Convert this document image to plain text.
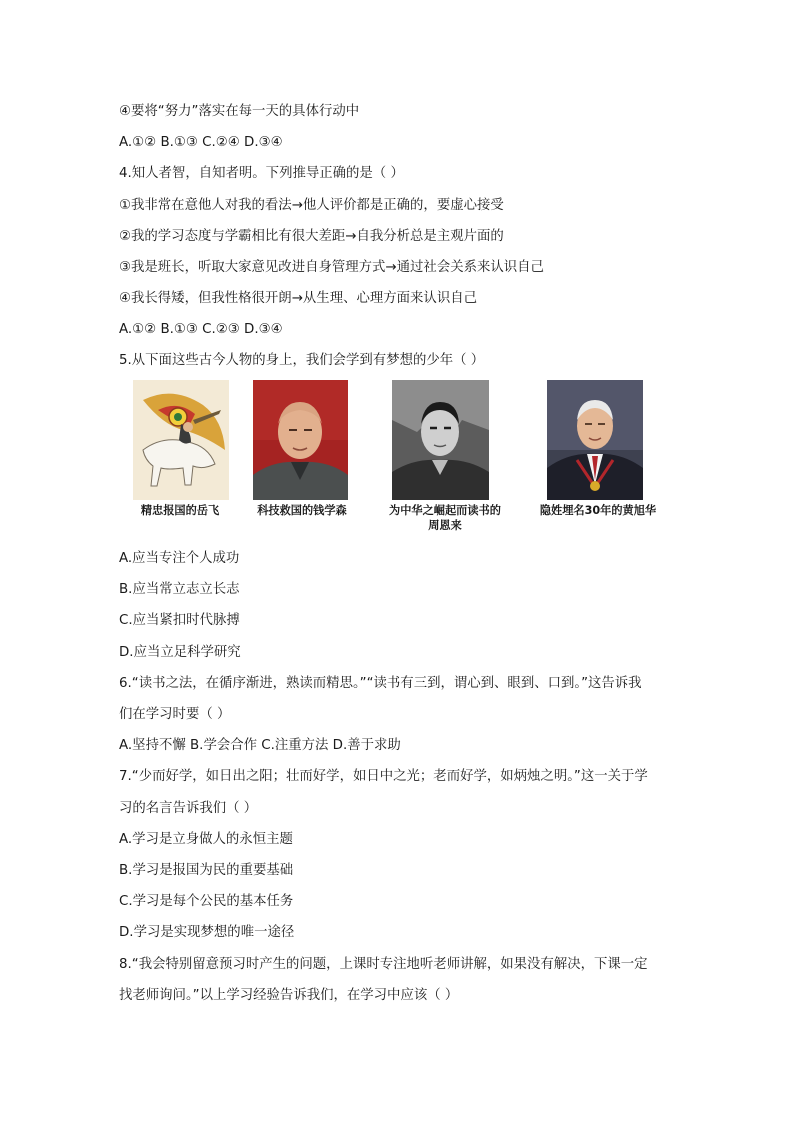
④要将“努力”落实在每一天的具体行动中
A.①② B.①③ C.②④ D.③④
4.知人者智，自知者明。下列推导正确的是（ ）
①我非常在意他人对我的看法→他人评价都是正确的，要虚心接受
②我的学习态度与学霸相比有很大差距→自我分析总是主观片面的
③我是班长，听取大家意见改进自身管理方式→通过社会关系来认识自己
④我长得矮，但我性格很开朗→从生理、心理方面来认识自己
A.①② B.①③ C.②③ D.③④
5.从下面这些古今人物的身上，我们会学到有梦想的少年（ ）
精忠报国的岳飞	科技救国的钱学森	为中华之崛起而读书的
周恩来
隐姓埋名30年的黄旭华
A.应当专注个人成功
B.应当常立志立长志
C.应当紧扣时代脉搏
D.应当立足科学研究
6.“读书之法，在循序渐进，熟读而精思。”“读书有三到，谓心到、眼到、口到。”这告诉我
们在学习时要（ ）
A.坚持不懈 B.学会合作 C.注重方法 D.善于求助
7.“少而好学，如日出之阳；壮而好学，如日中之光；老而好学，如炳烛之明。”这一关于学
习的名言告诉我们（ ）
A.学习是立身做人的永恒主题
B.学习是报国为民的重要基础
C.学习是每个公民的基本任务
D.学习是实现梦想的唯一途径
8.“我会特别留意预习时产生的问题，上课时专注地听老师讲解，如果没有解决，下课一定
找老师询问。”以上学习经验告诉我们，在学习中应该（ ）
